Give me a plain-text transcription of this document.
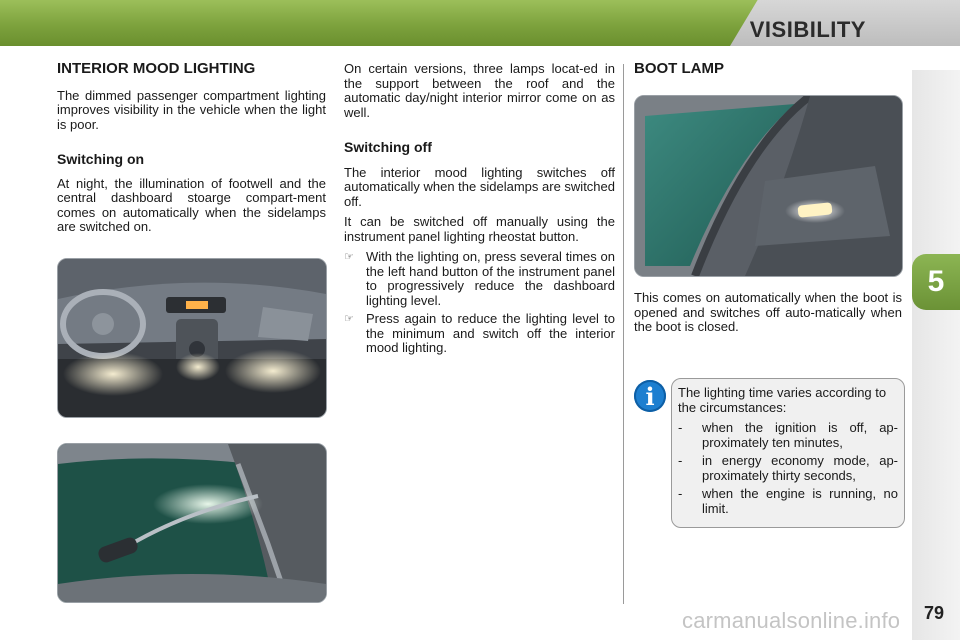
VISIBILITY
5
INTERIOR MOOD LIGHTING

The dimmed passenger compartment lighting improves visibility in the vehicle when the light is poor.

Switching on

At night, the illumination of footwell and the central dashboard stoarge compart-ment comes on automatically when the sidelamps are switched on.

On certain versions, three lamps locat-ed in the support between the roof and the automatic day/night interior mirror come on as well.

Switching off

The interior mood lighting switches off automatically when the sidelamps are switched off.

It can be switched off manually using the instrument panel lighting rheostat button.

☞ With the lighting on, press several times on the left hand button of the instrument panel to progressively reduce the dashboard lighting level.
☞ Press again to reduce the lighting level to the minimum and switch off the interior mood lighting.
BOOT LAMP

This comes on automatically when the boot is opened and switches off auto-matically when the boot is closed.

i	The lighting time varies according to the circumstances:

-	when the ignition is off, ap-proximately ten minutes,
-	in energy economy mode, ap-proximately thirty seconds,
-	when the engine is running, no limit.
carmanualsonline.info 79
